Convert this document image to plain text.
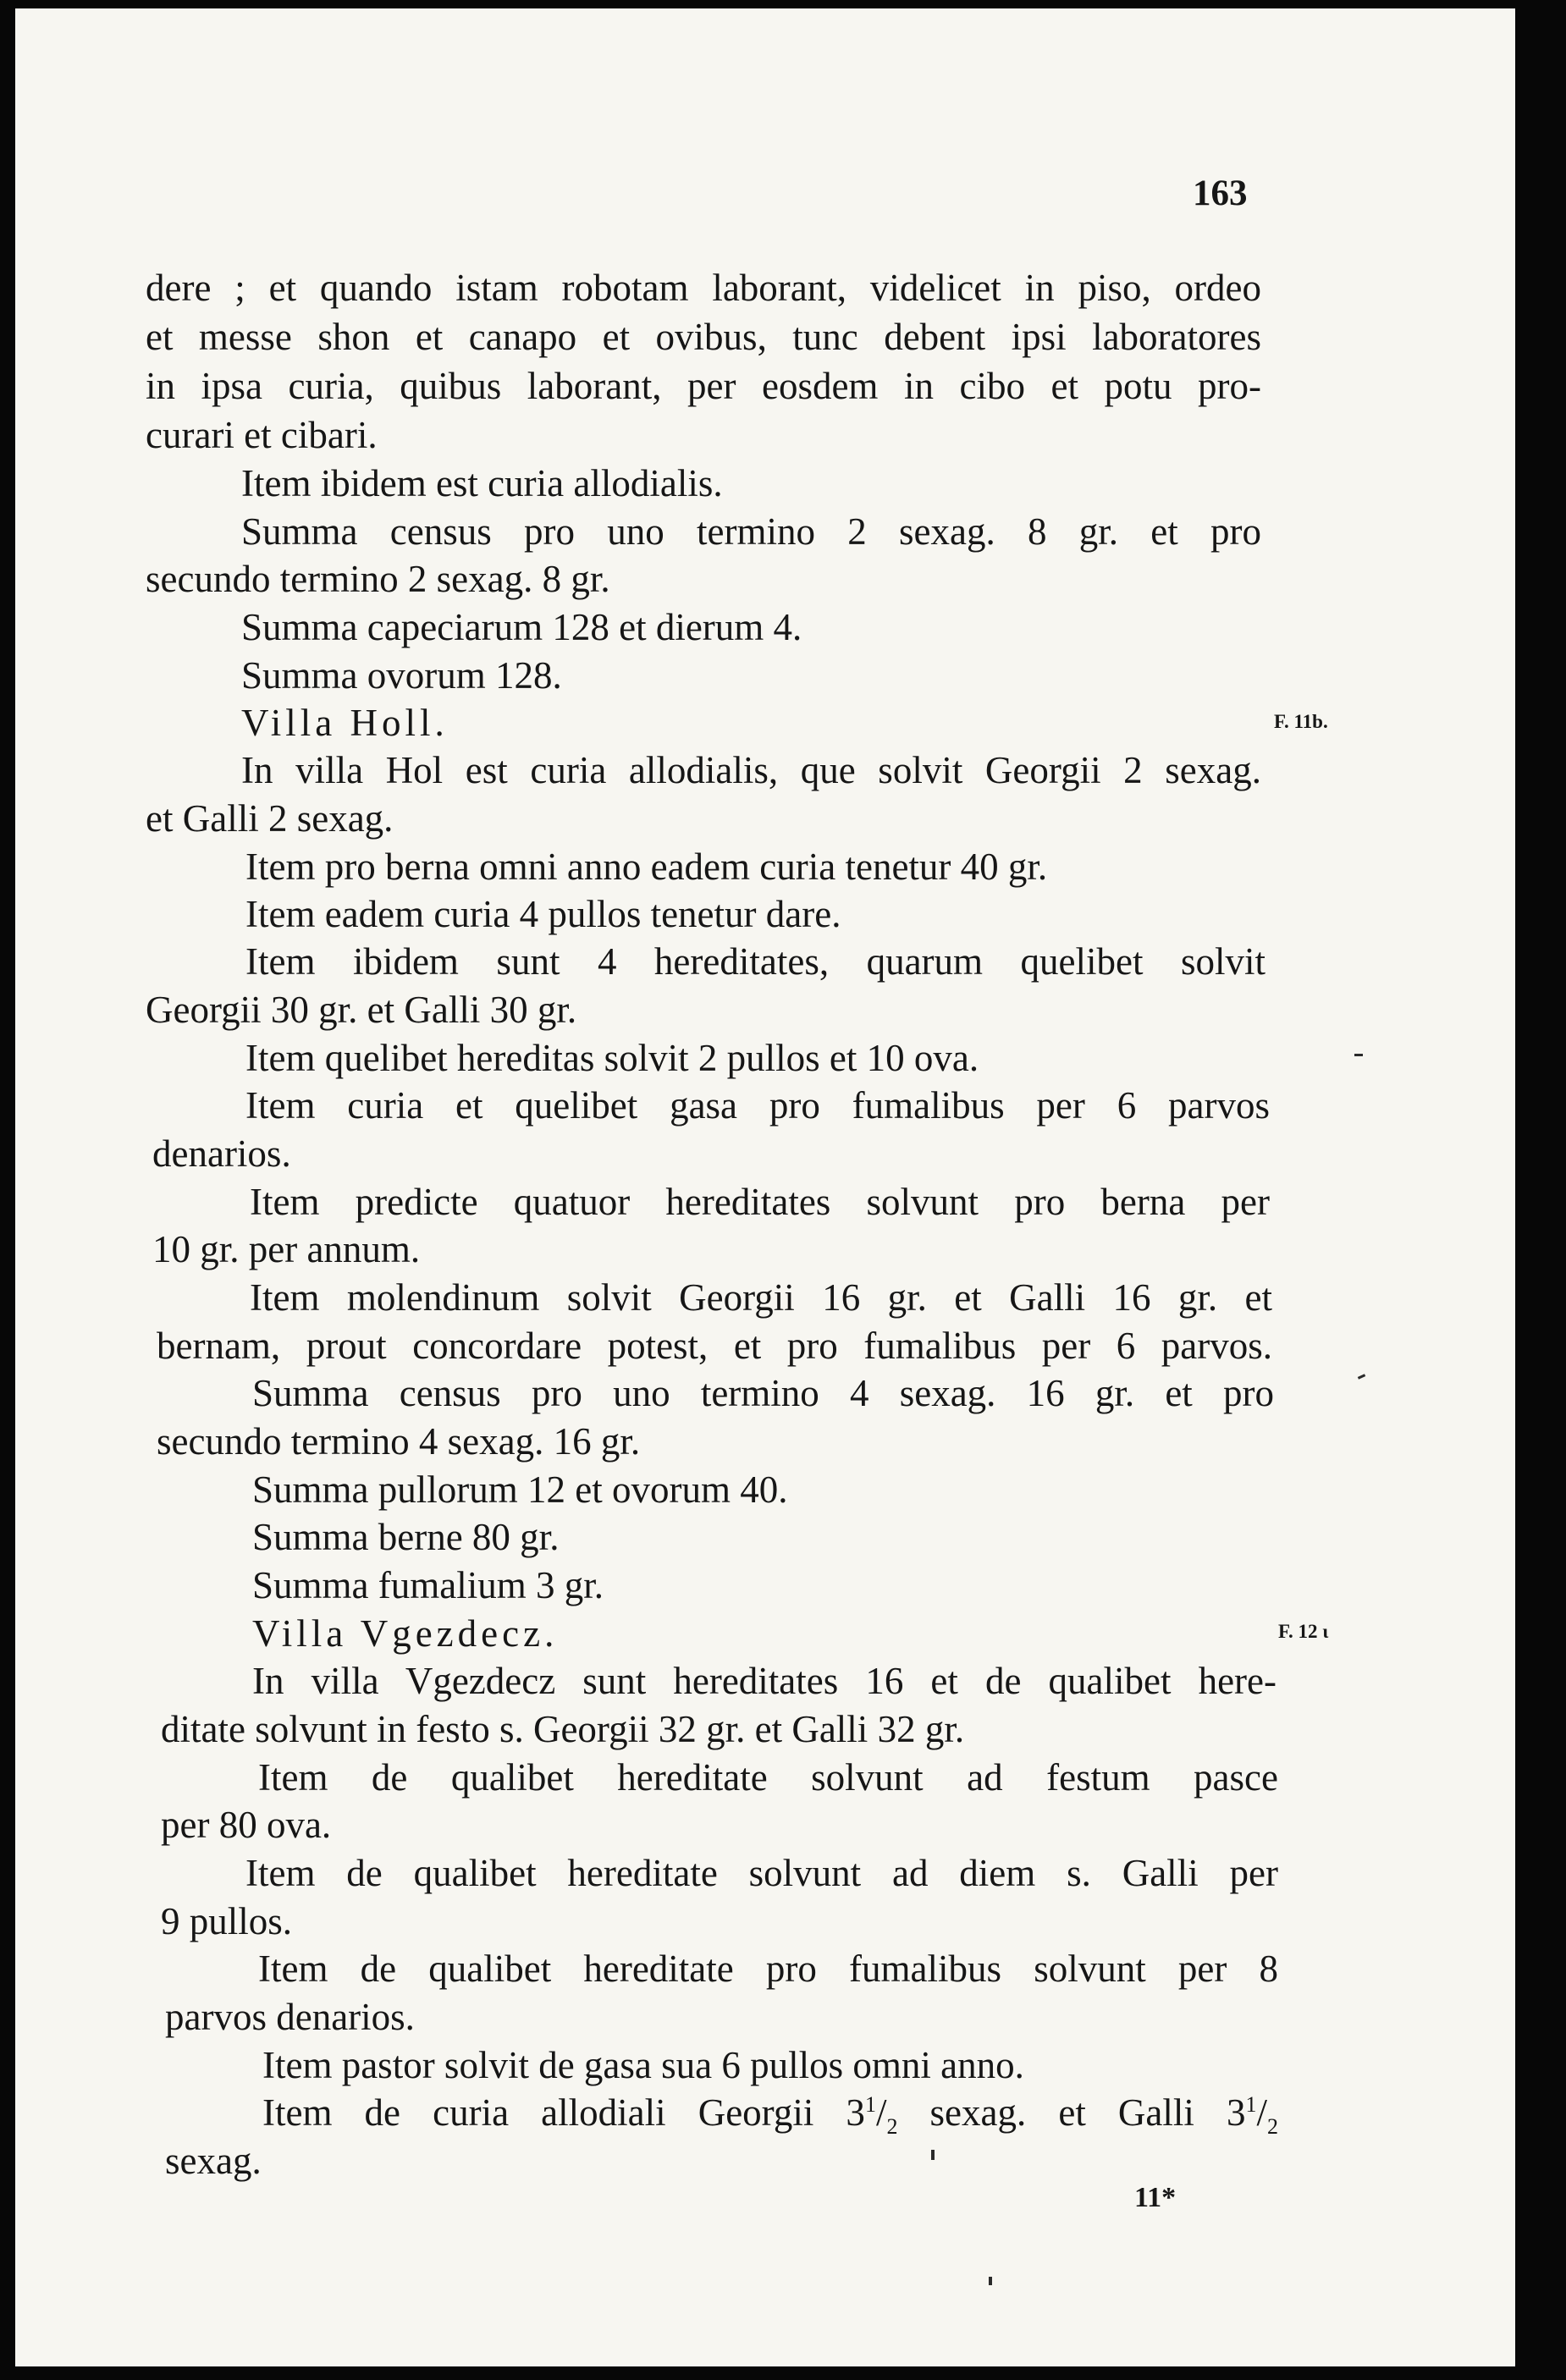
163

dere ; et quando istam robotam laborant, videlicet in piso, ordeo

et messe shon et canapo et ovibus, tunc debent ipsi laboratores

in ipsa curia, quibus laborant, per eosdem in cibo et potu pro-

curari et cibari.

Item ibidem est curia allodialis.

Summa census pro uno termino 2 sexag. 8 gr. et pro

secundo termino 2 sexag. 8 gr.

Summa capeciarum 128 et dierum 4.

Summa ovorum 128.

Villa Holl.	F. 11b.

In villa Hol est curia allodialis, que solvit Georgii 2 sexag.

et Galli 2 sexag.

Item pro berna omni anno eadem curia tenetur 40 gr.

Item eadem curia 4 pullos tenetur dare.

Item ibidem sunt 4 hereditates, quarum quelibet solvit

Georgii 30 gr. et Galli 30 gr.

Item quelibet hereditas solvit 2 pullos et 10 ova.

Item curia et quelibet gasa pro fumalibus per 6 parvos

denarios.

Item predicte quatuor hereditates solvunt pro berna per

10 gr. per annum.

Item molendinum solvit Georgii 16 gr. et Galli 16 gr. et

bernam, prout concordare potest, et pro fumalibus per 6 parvos.

Summa census pro uno termino 4 sexag. 16 gr. et pro

secundo termino 4 sexag. 16 gr.

Summa pullorum 12 et ovorum 40.

Summa berne 80 gr.

Summa fumalium 3 gr.

Villa Vgezdecz.	F. 12 ι

In villa Vgezdecz sunt hereditates 16 et de qualibet here-

ditate solvunt in festo s. Georgii 32 gr. et Galli 32 gr.

Item de qualibet hereditate solvunt ad festum pasce

per 80 ova.

Item de qualibet hereditate solvunt ad diem s. Galli per

9 pullos.

Item de qualibet hereditate pro fumalibus solvunt per 8

parvos denarios.

Item pastor solvit de gasa sua 6 pullos omni anno.

Item de curia allodiali Georgii $3^1/_2$ sexag. et Galli $3^1/_2$

sexag.

11*
